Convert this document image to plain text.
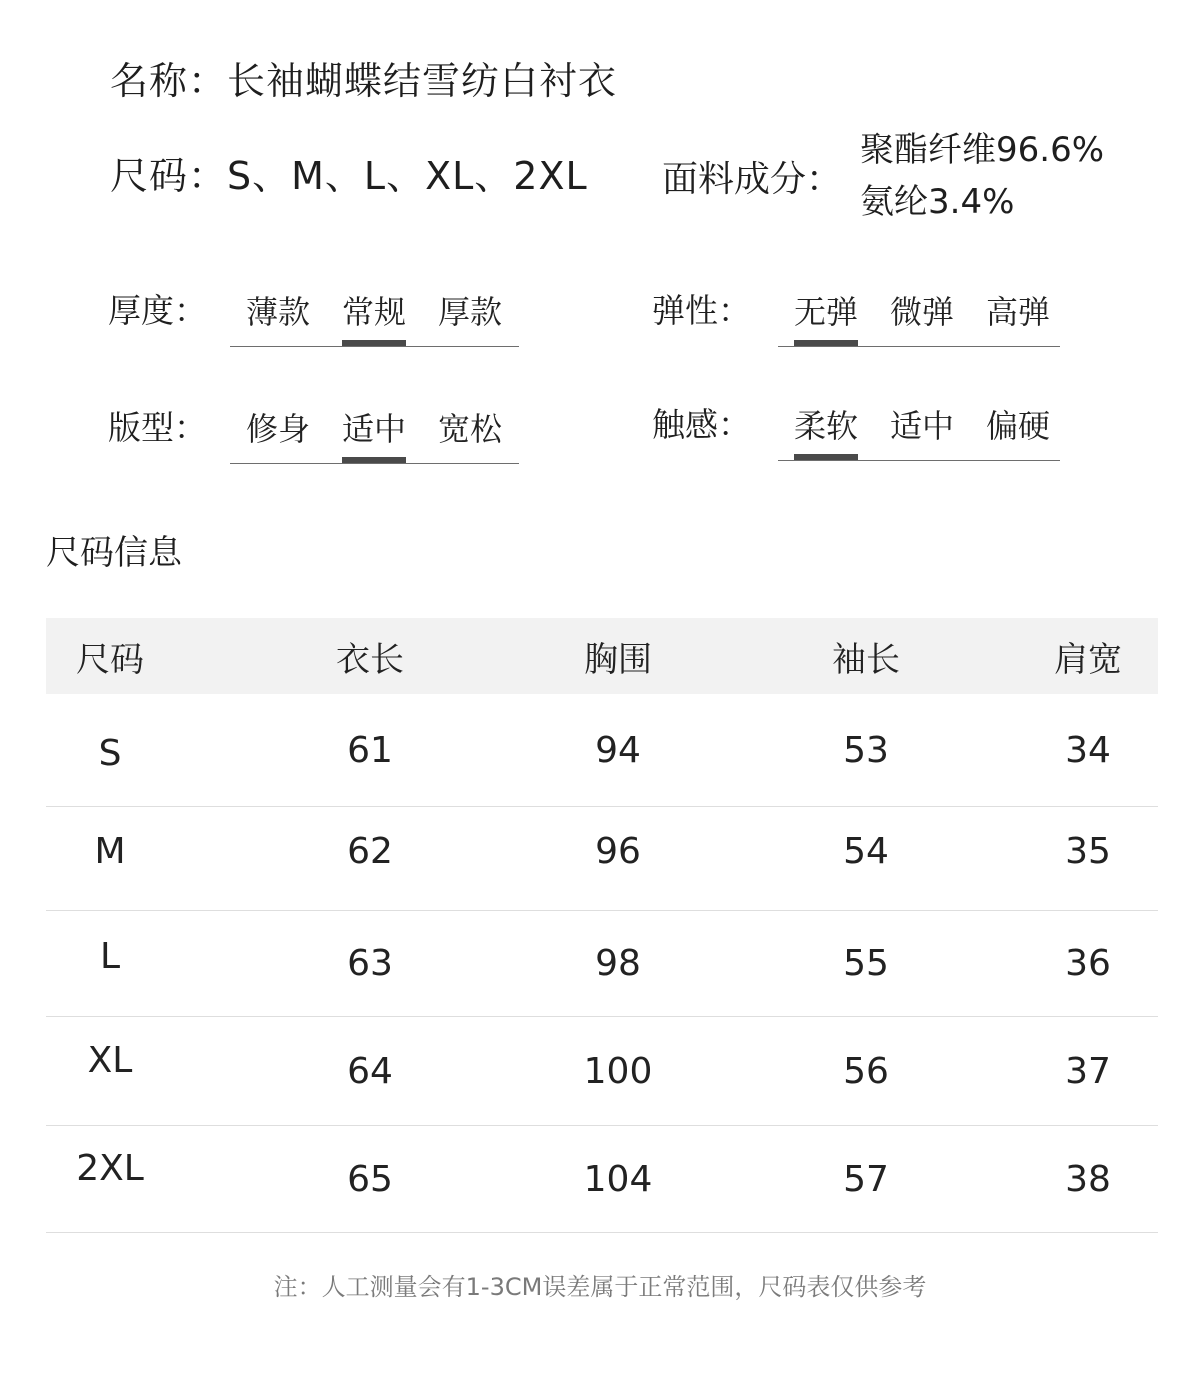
名称：长袖蝴蝶结雪纺白衬衣
尺码：S、M、L、XL、2XL 面料成分：
聚酯纤维96.6%
氨纶3.4%
厚度：	薄款 常规 厚款	弹性：	无弹 微弹 高弹
版型：	修身 适中 宽松	触感：	柔软 适中 偏硬
尺码信息
尺码	衣长	胸围	袖长	肩宽
S	61	94	53	34
M	62	96	54	35
L	63	98	55	36
XL	64	100	56	37
2XL	65	104	57	38
注：人工测量会有1-3CM误差属于正常范围，尺码表仅供参考
